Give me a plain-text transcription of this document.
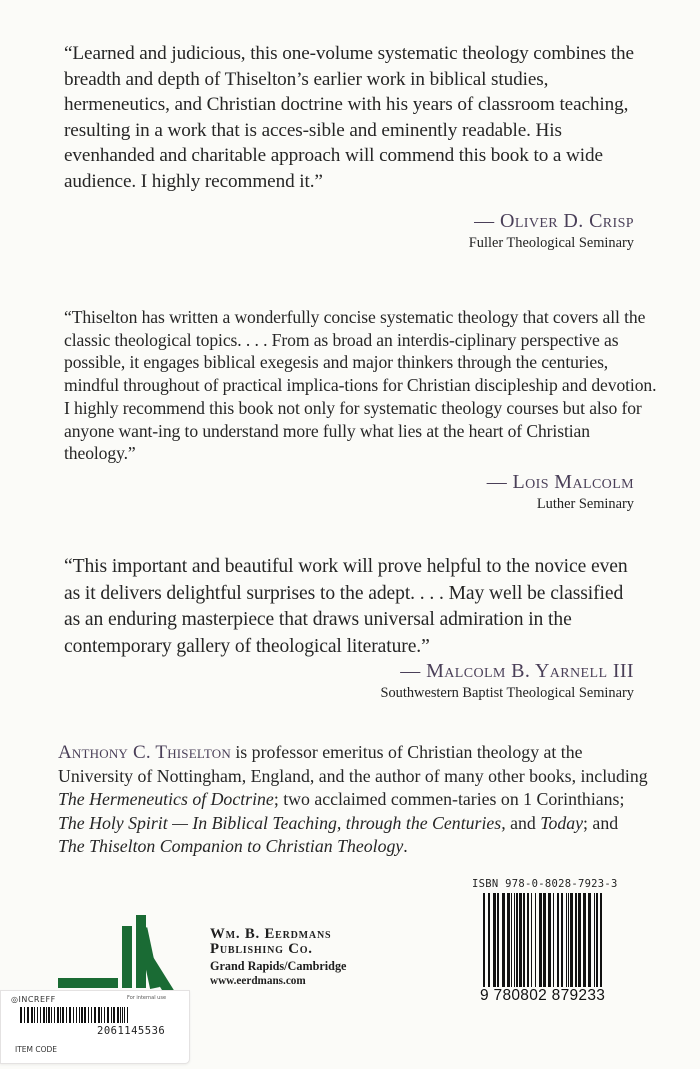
“Learned and judicious, this one-volume systematic theology combines the breadth and depth of Thiselton’s earlier work in biblical studies, hermeneutics, and Christian doctrine with his years of classroom teaching, resulting in a work that is acces-sible and eminently readable. His evenhanded and charitable approach will commend this book to a wide audience. I highly recommend it.”
— Oliver D. Crisp
Fuller Theological Seminary
“Thiselton has written a wonderfully concise systematic theology that covers all the classic theological topics. . . . From as broad an interdis-ciplinary perspective as possible, it engages biblical exegesis and major thinkers through the centuries, mindful throughout of practical implica-tions for Christian discipleship and devotion. I highly recommend this book not only for systematic theology courses but also for anyone want-ing to understand more fully what lies at the heart of Christian theology.”
— Lois Malcolm
Luther Seminary
“This important and beautiful work will prove helpful to the novice even as it delivers delightful surprises to the adept. . . . May well be classified as an enduring masterpiece that draws universal admiration in the contemporary gallery of theological literature.”
— Malcolm B. Yarnell III
Southwestern Baptist Theological Seminary
Anthony C. Thiselton is professor emeritus of Christian theology at the University of Nottingham, England, and the author of many other books, including The Hermeneutics of Doctrine; two acclaimed commen-taries on 1 Corinthians; The Holy Spirit — In Biblical Teaching, through the Centuries, and Today; and The Thiselton Companion to Christian Theology.
Wm. B. Eerdmans
Publishing Co.
Grand Rapids/Cambridge
www.eerdmans.com
ISBN 978-0-8028-7923-3
9 780802 879233
◎INCREFF	For internal use
2061145536
ITEM CODE
